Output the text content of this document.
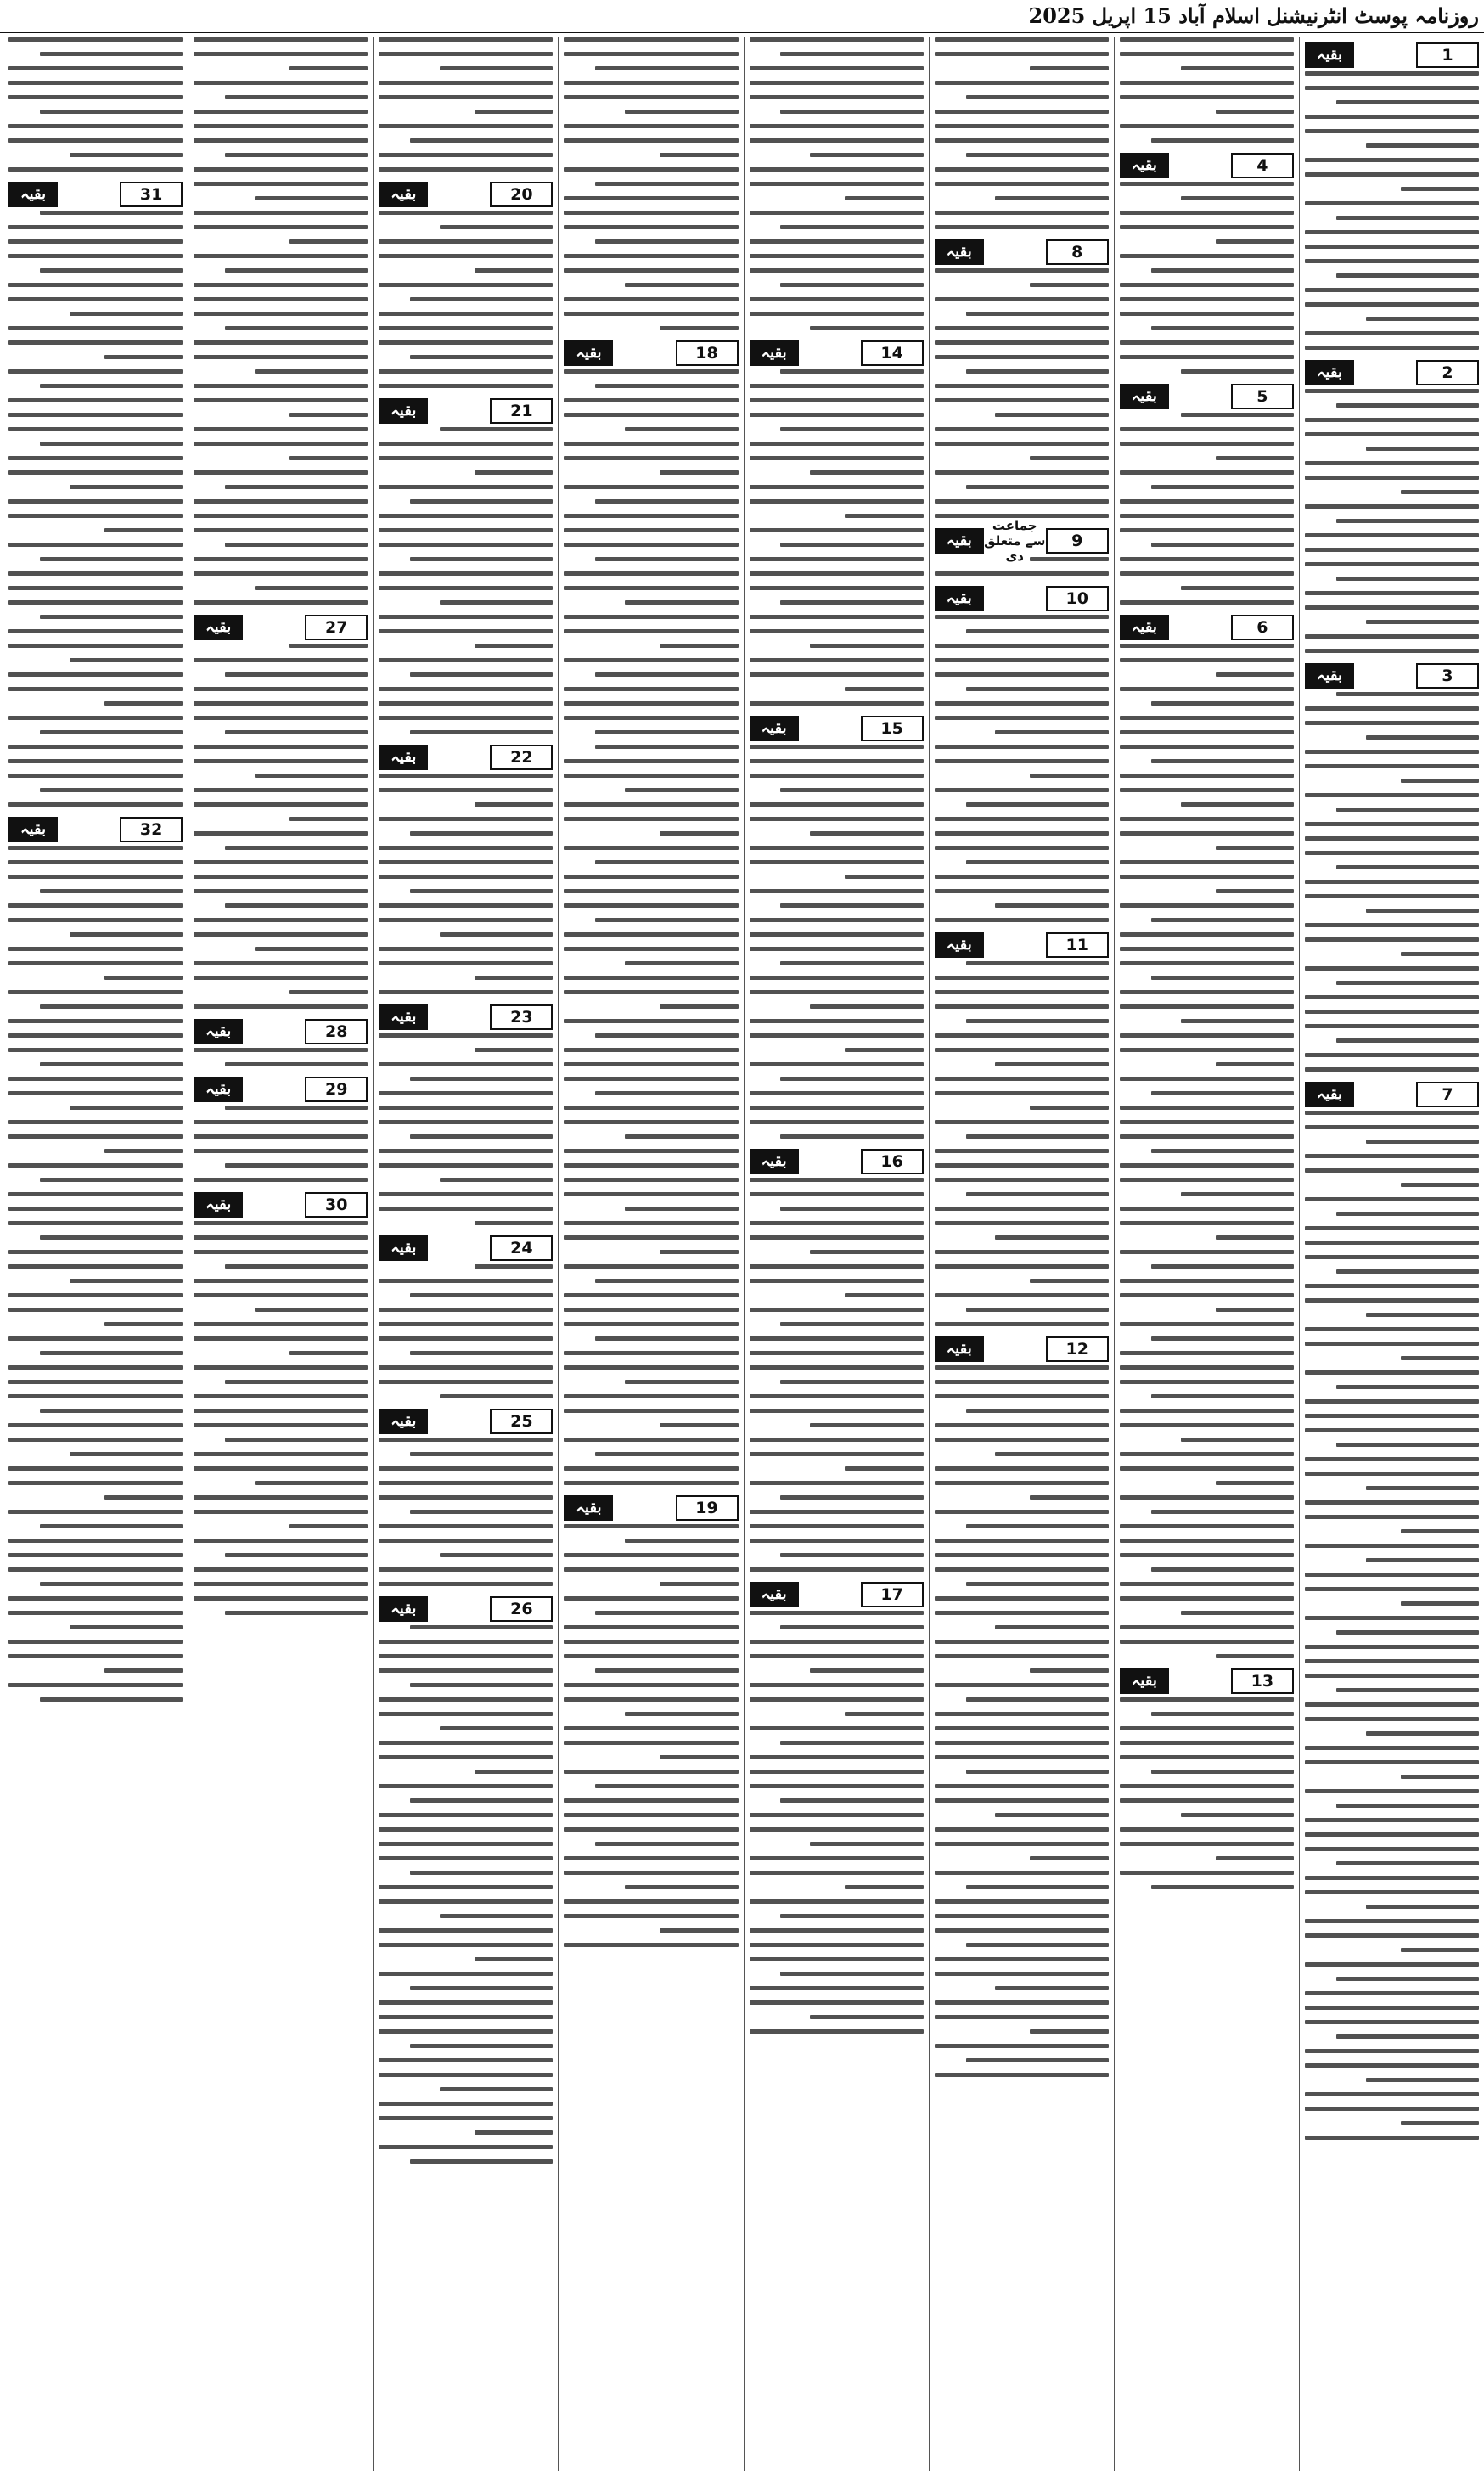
روزنامہ پوسٹ انٹرنیشنل اسلام آباد 15 اپریل 2025
بقیہ	1
بقیہ	2
بقیہ	3
بقیہ	7
بقیہ	4
بقیہ	5
بقیہ	6
بقیہ	13
بقیہ	8
بقیہ
جماعت سے متعلق دی
9
بقیہ	10
بقیہ	11
بقیہ	12
بقیہ	14
بقیہ	15
بقیہ	16
بقیہ	17
بقیہ	18
بقیہ	19
بقیہ	20
بقیہ	21
بقیہ	22
بقیہ	23
بقیہ	24
بقیہ	25
بقیہ	26
بقیہ	27
بقیہ	28
بقیہ	29
بقیہ	30
بقیہ	31
بقیہ	32
